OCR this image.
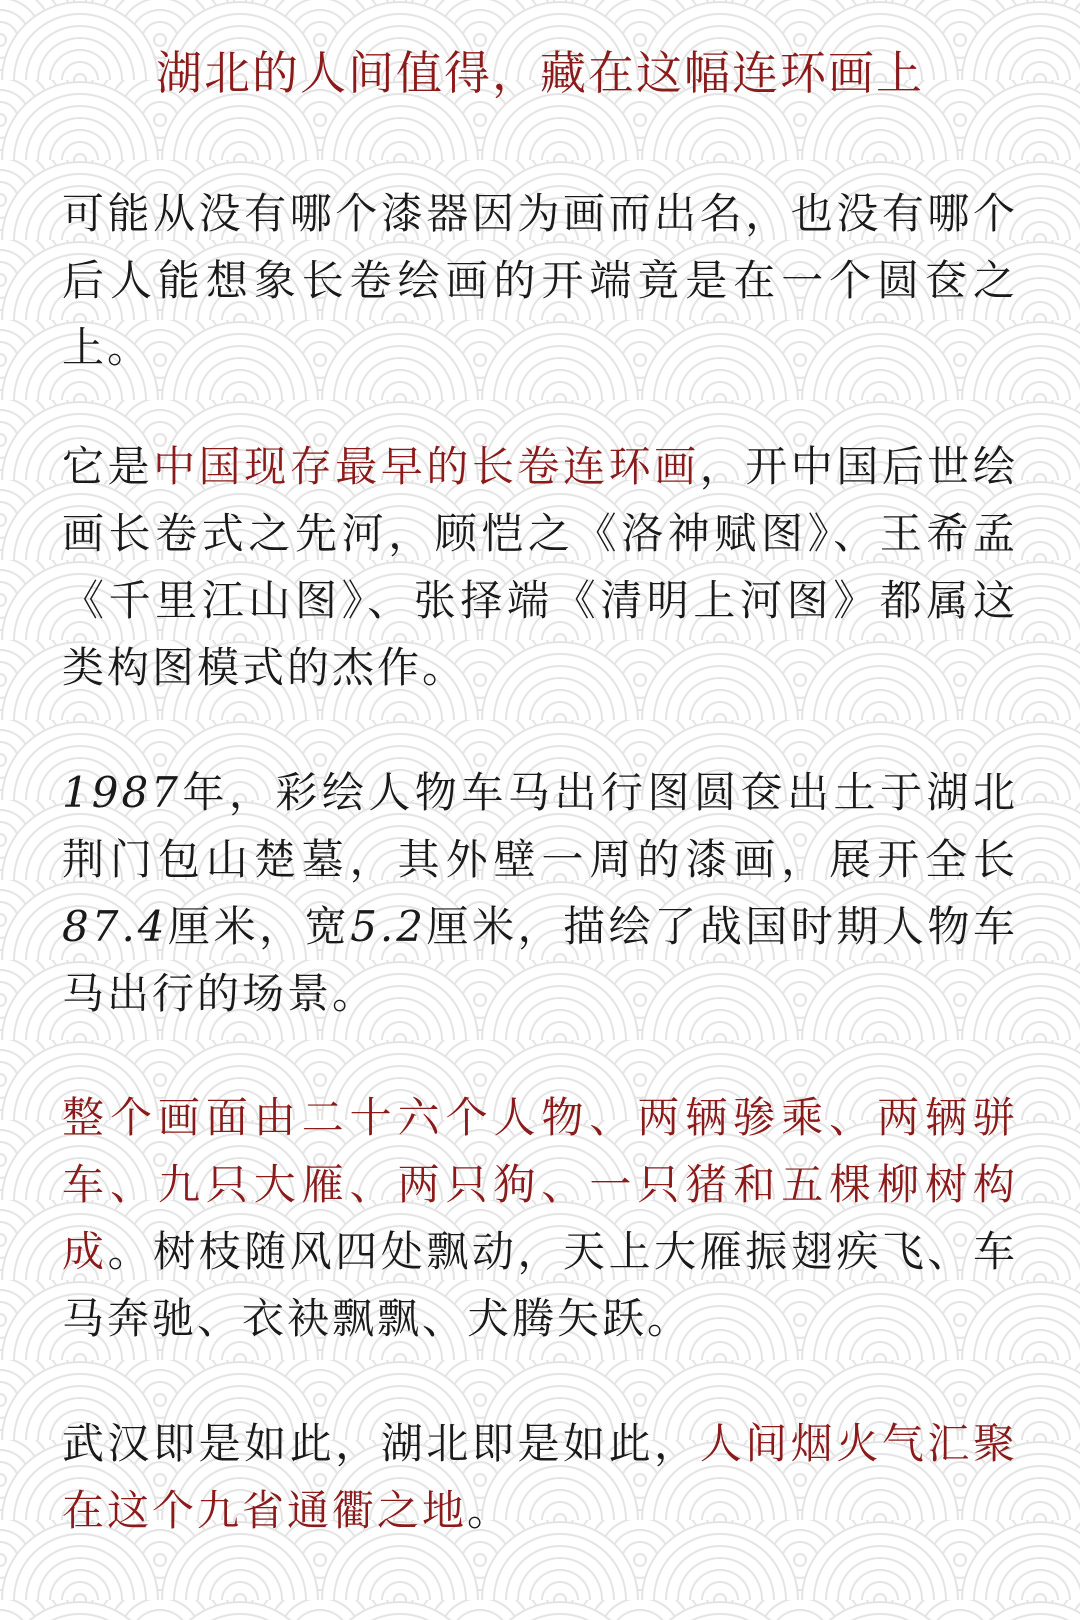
湖北的人间值得，藏在这幅连环画上

可能从没有哪个漆器因为画而出名，也没有哪个后人能想象长卷绘画的开端竟是在一个圆奁之上。

它是中国现存最早的长卷连环画，开中国后世绘画长卷式之先河，顾恺之《洛神赋图》、王希孟《千里江山图》、张择端《清明上河图》都属这类构图模式的杰作。

1987年，彩绘人物车马出行图圆奁出土于湖北荆门包山楚墓，其外壁一周的漆画，展开全长87.4厘米，宽5.2厘米，描绘了战国时期人物车马出行的场景。

整个画面由二十六个人物、两辆骖乘、两辆骈车、九只大雁、两只狗、一只猪和五棵柳树构成。树枝随风四处飘动，天上大雁振翅疾飞、车马奔驰、衣袂飘飘、犬腾矢跃。

武汉即是如此，湖北即是如此，人间烟火气汇聚在这个九省通衢之地。
